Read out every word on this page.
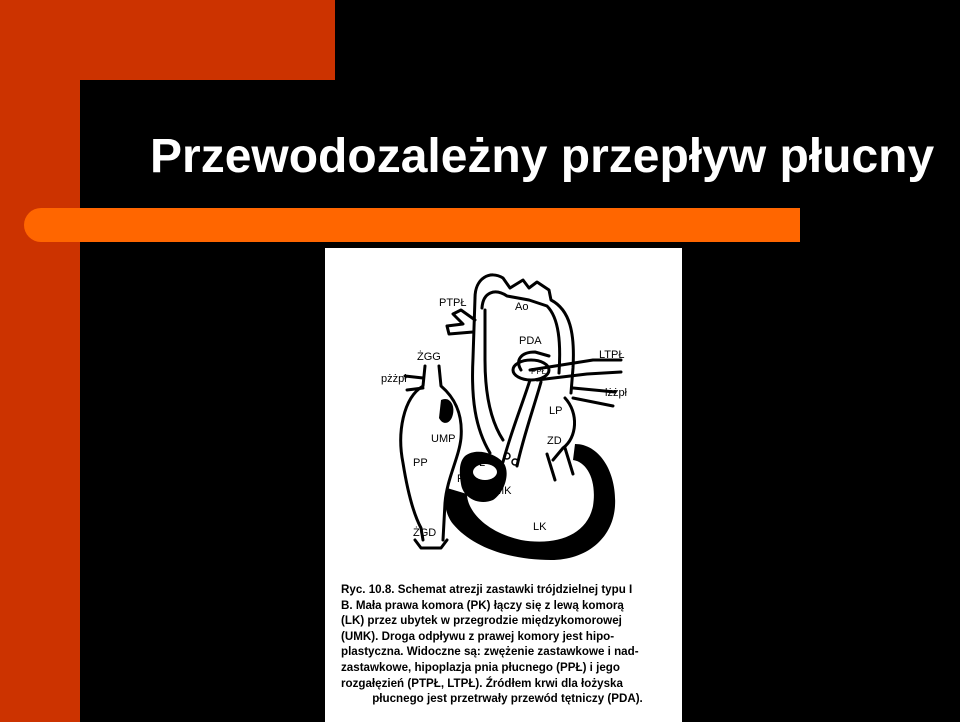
Przewodozależny przepływ płucny
PTPŁ	Ao
ŻGG
PDA
LTPŁ
pżżpł
PPŁ
lżżpł
LP
UMP	ZD
PP	ZPŁ
PK
UMK
LK
ŻGD
Ryc. 10.8. Schemat atrezji zastawki trójdzielnej typu I
B. Mała prawa komora (PK) łączy się z lewą komorą
(LK) przez ubytek w przegrodzie międzykomorowej
(UMK). Droga odpływu z prawej komory jest hipo-
plastyczna. Widoczne są: zwężenie zastawkowe i nad-
zastawkowe, hipoplazja pnia płucnego (PPŁ) i jego
rozgałęzień (PTPŁ, LTPŁ). Źródłem krwi dla łożyska
płucnego jest przetrwały przewód tętniczy (PDA).
